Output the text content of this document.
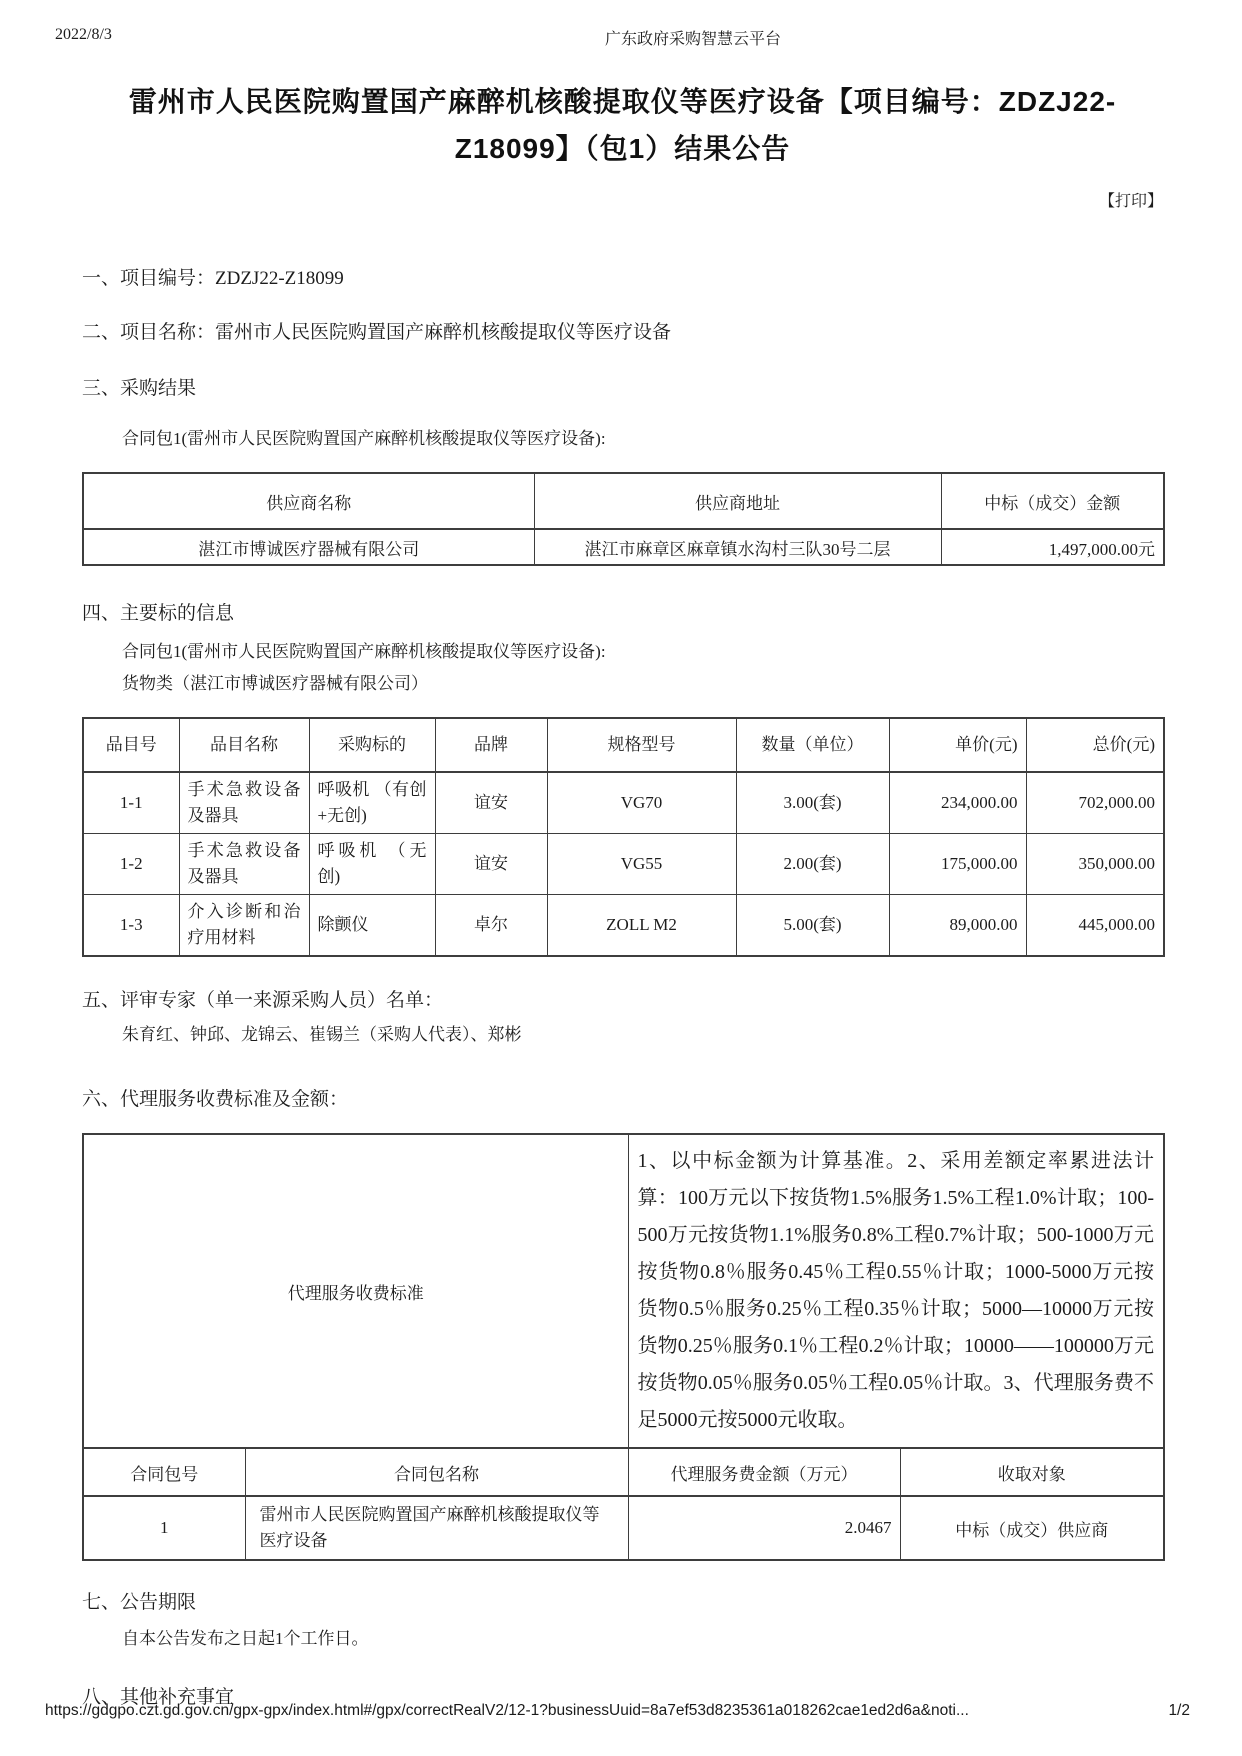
2022/8/3	广东政府采购智慧云平台
雷州市人民医院购置国产麻醉机核酸提取仪等医疗设备【项目编号：ZDZJ22-Z18099】（包1）结果公告
【打印】
一、项目编号：ZDZJ22-Z18099
二、项目名称：雷州市人民医院购置国产麻醉机核酸提取仪等医疗设备
三、采购结果

合同包1(雷州市人民医院购置国产麻醉机核酸提取仪等医疗设备):

供应商名称	供应商地址	中标（成交）金额
湛江市博诚医疗器械有限公司	湛江市麻章区麻章镇水沟村三队30号二层	1,497,000.00元
四、主要标的信息

合同包1(雷州市人民医院购置国产麻醉机核酸提取仪等医疗设备):

货物类（湛江市博诚医疗器械有限公司）

品目号	品目名称	采购标的	品牌	规格型号	数量（单位）	单价(元)	总价(元)
1-1	手术急救设备及器具	呼吸机 （有创+无创)	谊安	VG70	3.00(套)	234,000.00	702,000.00
1-2	手术急救设备及器具	呼吸机 （无创)	谊安	VG55	2.00(套)	175,000.00	350,000.00
1-3	介入诊断和治疗用材料	除颤仪	卓尔	ZOLL M2	5.00(套)	89,000.00	445,000.00
五、评审专家（单一来源采购人员）名单：

朱育红、钟邱、龙锦云、崔锡兰（采购人代表）、郑彬

六、代理服务收费标准及金额：
代理服务收费标准		1、以中标金额为计算基准。2、采用差额定率累进法计算：100万元以下按货物1.5%服务1.5%工程1.0%计取；100-500万元按货物1.1%服务0.8%工程0.7%计取；500-1000万元按货物0.8％服务0.45％工程0.55％计取；1000-5000万元按货物0.5％服务0.25％工程0.35％计取；5000—10000万元按货物0.25％服务0.1％工程0.2％计取；10000——100000万元按货物0.05％服务0.05％工程0.05％计取。3、代理服务费不足5000元按5000元收取。	
合同包号	合同包名称	代理服务费金额（万元）	收取对象
1	雷州市人民医院购置国产麻醉机核酸提取仪等医疗设备	2.0467	中标（成交）供应商
七、公告期限

自本公告发布之日起1个工作日。

八、其他补充事宜
https://gdgpo.czt.gd.gov.cn/gpx-gpx/index.html#/gpx/correctRealV2/12-1?businessUuid=8a7ef53d8235361a018262cae1ed2d6a&noti...	1/2
